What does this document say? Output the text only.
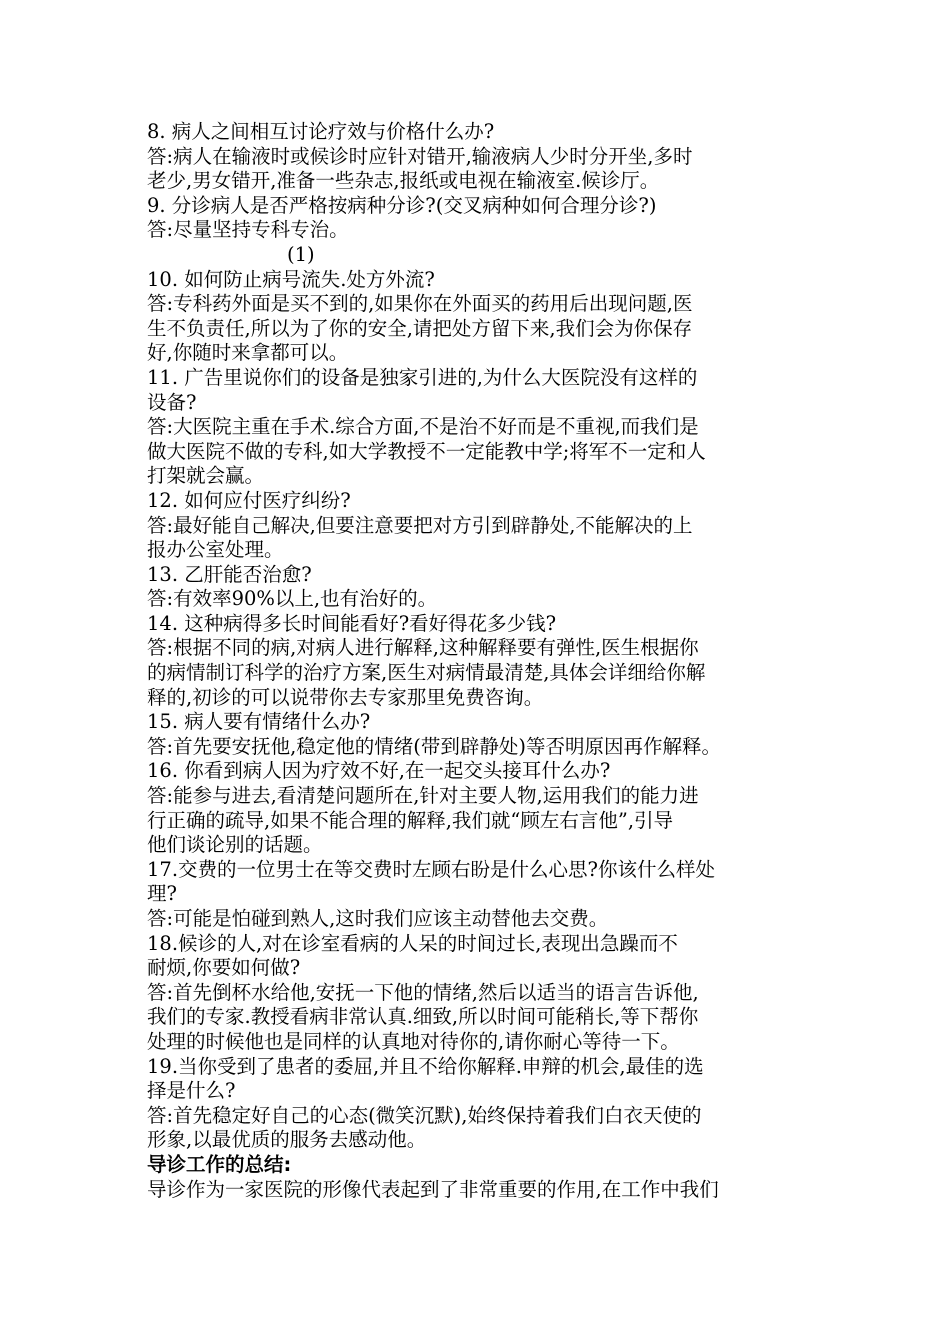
8. 病人之间相互讨论疗效与价格什么办?
答:病人在输液时或候诊时应针对错开,输液病人少时分开坐,多时
老少,男女错开,准备一些杂志,报纸或电视在输液室.候诊厅。
9. 分诊病人是否严格按病种分诊?(交叉病种如何合理分诊?)
答:尽量坚持专科专治。
(1)
10. 如何防止病号流失.处方外流?
答:专科药外面是买不到的,如果你在外面买的药用后出现问题,医
生不负责任,所以为了你的安全,请把处方留下来,我们会为你保存
好,你随时来拿都可以。
11. 广告里说你们的设备是独家引进的,为什么大医院没有这样的
设备?
答:大医院主重在手术.综合方面,不是治不好而是不重视,而我们是
做大医院不做的专科,如大学教授不一定能教中学;将军不一定和人
打架就会赢。
12. 如何应付医疗纠纷?
答:最好能自己解决,但要注意要把对方引到辟静处,不能解决的上
报办公室处理。
13. 乙肝能否治愈?
答:有效率90%以上,也有治好的。
14. 这种病得多长时间能看好?看好得花多少钱?
答:根据不同的病,对病人进行解释,这种解释要有弹性,医生根据你
的病情制订科学的治疗方案,医生对病情最清楚,具体会详细给你解
释的,初诊的可以说带你去专家那里免费咨询。
15. 病人要有情绪什么办?
答:首先要安抚他,稳定他的情绪(带到辟静处)等否明原因再作解释。
16. 你看到病人因为疗效不好,在一起交头接耳什么办?
答:能参与进去,看清楚问题所在,针对主要人物,运用我们的能力进
行正确的疏导,如果不能合理的解释,我们就“顾左右言他”,引导
他们谈论别的话题。
17.交费的一位男士在等交费时左顾右盼是什么心思?你该什么样处
理?
答:可能是怕碰到熟人,这时我们应该主动替他去交费。
18.候诊的人,对在诊室看病的人呆的时间过长,表现出急躁而不
耐烦,你要如何做?
答:首先倒杯水给他,安抚一下他的情绪,然后以适当的语言告诉他,
我们的专家.教授看病非常认真.细致,所以时间可能稍长,等下帮你
处理的时候他也是同样的认真地对待你的,请你耐心等待一下。
19.当你受到了患者的委屈,并且不给你解释.申辩的机会,最佳的选
择是什么?
答:首先稳定好自己的心态(微笑沉默),始终保持着我们白衣天使的
形象,以最优质的服务去感动他。
导诊工作的总结:
导诊作为一家医院的形像代表起到了非常重要的作用,在工作中我们
